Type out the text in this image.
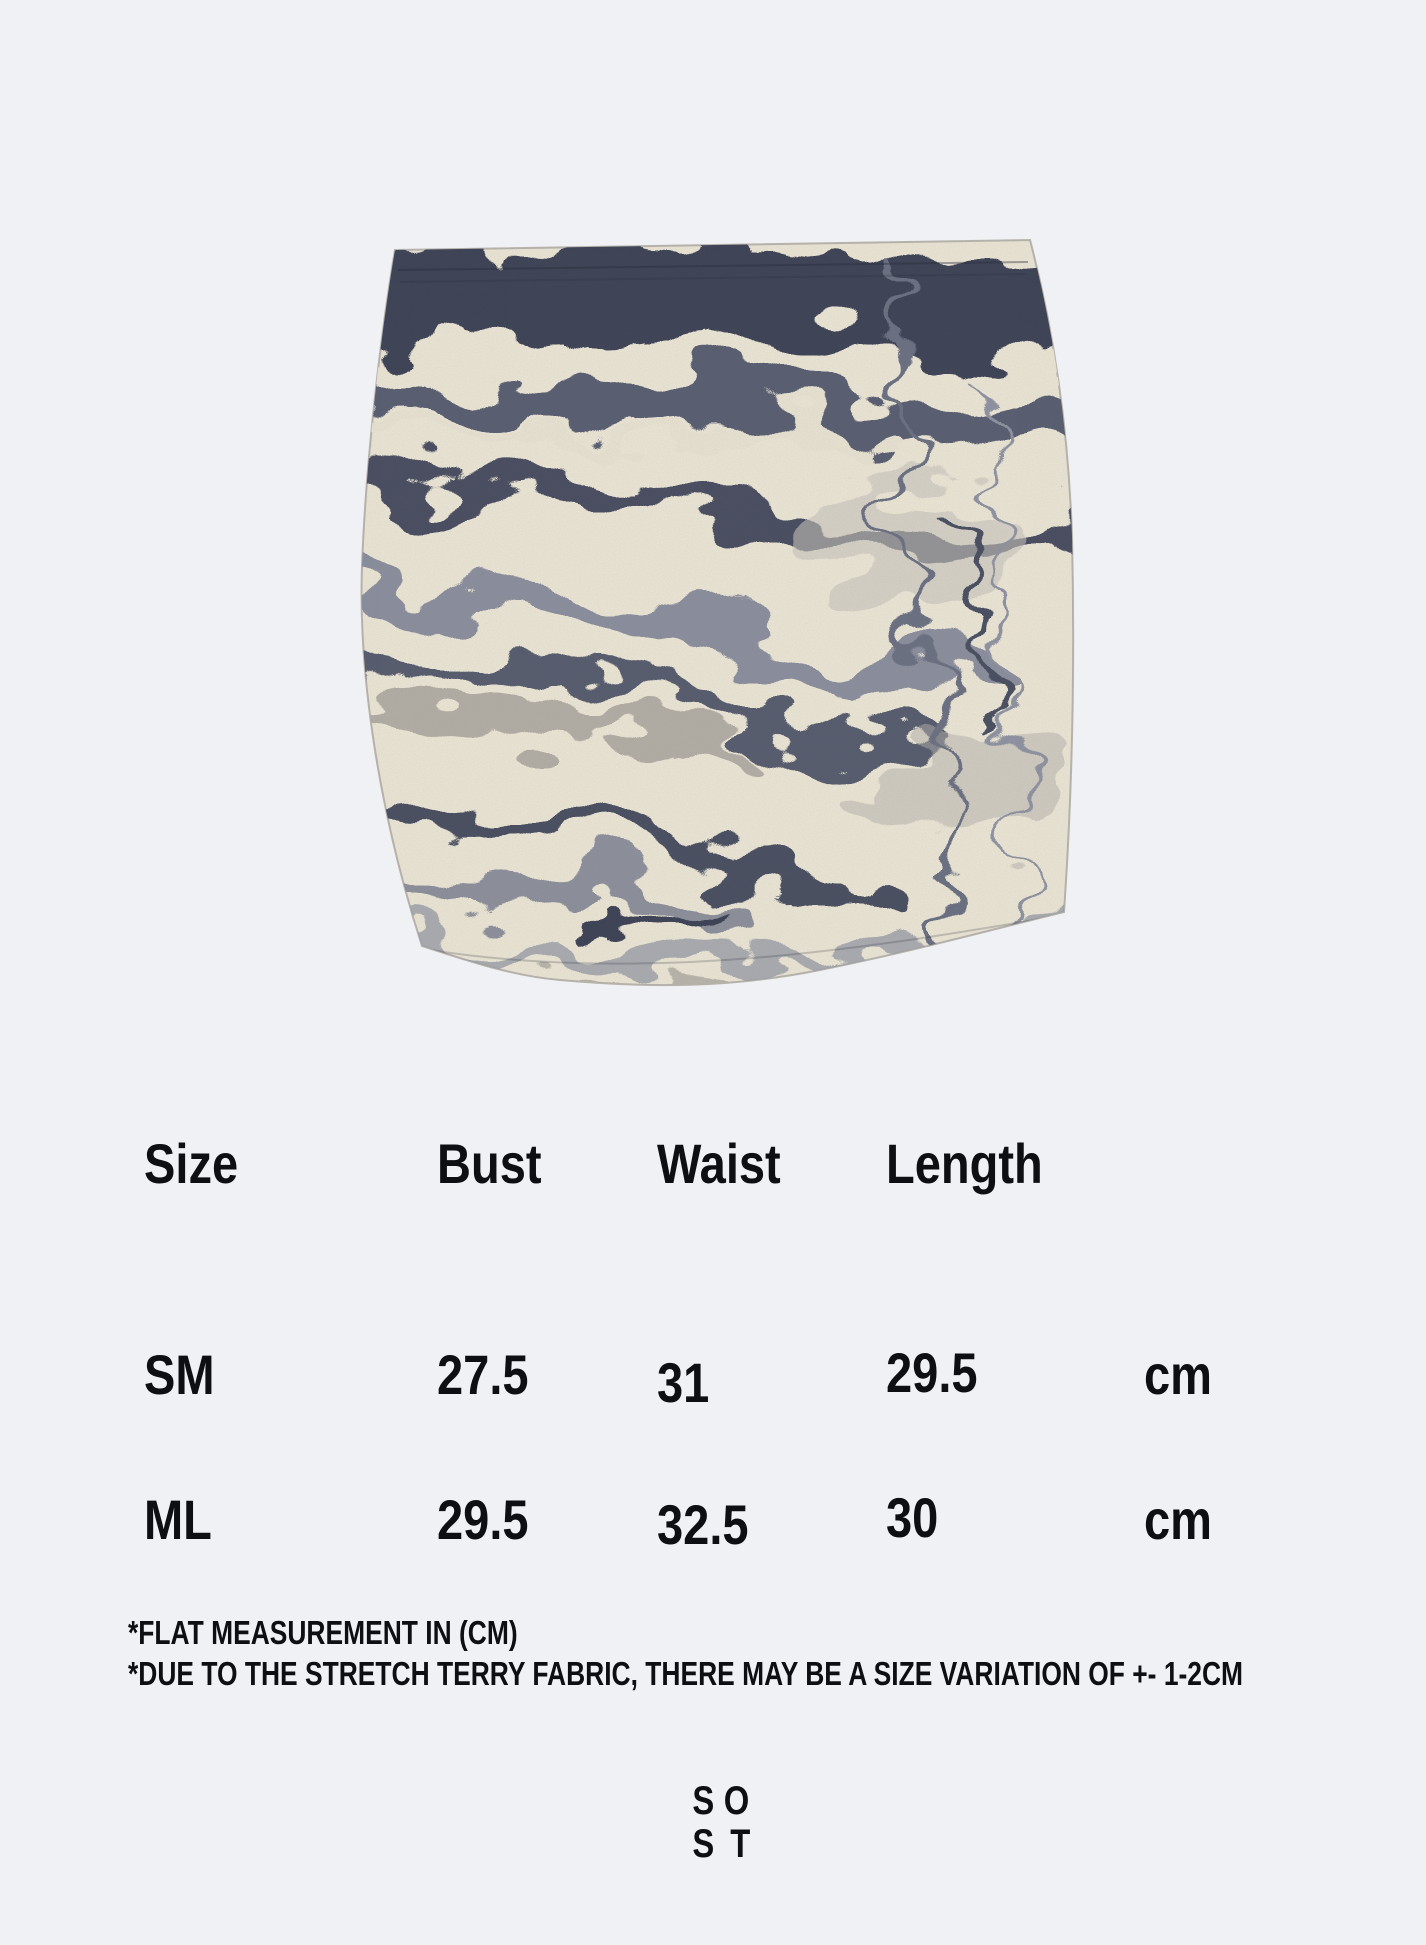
Size	Bust	Waist	Length
SM	27.5	31	29.5	cm
ML	29.5	32.5	30	cm
*FLAT MEASUREMENT IN (CM)
*DUE TO THE STRETCH TERRY FABRIC, THERE MAY BE A SIZE VARIATION OF +- 1-2CM
S O
S T
